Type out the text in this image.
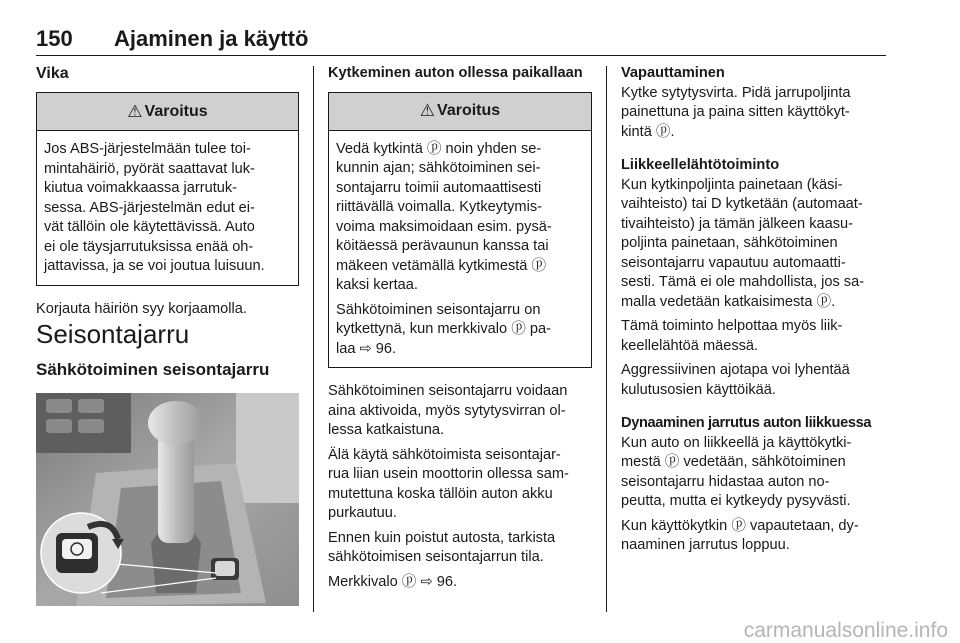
150 Ajaminen ja käyttö

Vika

⚠ Varoitus
Jos ABS-järjestelmään tulee toi-
mintahäiriö, pyörät saattavat luk-
kiutua voimakkaassa jarrutuk-
sessa. ABS-järjestelmän edut ei-
vät tällöin ole käytettävissä. Auto
ei ole täysjarrutuksissa enää oh-
jattavissa, ja se voi joutua luisuun.

Korjauta häiriön syy korjaamolla.

Seisontajarru

Sähkötoiminen seisontajarru

Kytkeminen auton ollessa paikallaan

⚠ Varoitus

Vedä kytkintä ⓟ noin yhden se-
kunnin ajan; sähkötoiminen sei-
sontajarru toimii automaattisesti
riittävällä voimalla. Kytkeytymis-
voima maksimoidaan esim. pysä-
köitäessä perävaunun kanssa tai
mäkeen vetämällä kytkimestä ⓟ
kaksi kertaa.

Sähkötoiminen seisontajarru on
kytkettynä, kun merkkivalo ⓟ pa-
laa ⇨ 96.

Sähkötoiminen seisontajarru voidaan
aina aktivoida, myös sytytysvirran ol-
lessa katkaistuna.

Älä käytä sähkötoimista seisontajar-
rua liian usein moottorin ollessa sam-
mutettuna koska tällöin auton akku
purkautuu.

Ennen kuin poistut autosta, tarkista
sähkötoimisen seisontajarrun tila.

Merkkivalo ⓟ ⇨ 96.

Vapauttaminen

Kytke sytytysvirta. Pidä jarrupoljinta
painettuna ja paina sitten käyttökyt-
kintä ⓟ.

Liikkeellelähtötoiminto

Kun kytkinpoljinta painetaan (käsi-
vaihteisto) tai D kytketään (automaat-
tivaihteisto) ja tämän jälkeen kaasu-
poljinta painetaan, sähkötoiminen
seisontajarru vapautuu automaatti-
sesti. Tämä ei ole mahdollista, jos sa-
malla vedetään katkaisimesta ⓟ.

Tämä toiminto helpottaa myös liik-
keellelähtöä mäessä.

Aggressiivinen ajotapa voi lyhentää
kulutusosien käyttöikää.

Dynaaminen jarrutus auton liikkuessa

Kun auto on liikkeellä ja käyttökytki-
mestä ⓟ vedetään, sähkötoiminen
seisontajarru hidastaa auton no-
peutta, mutta ei kytkeydy pysyvästi.

Kun käyttökytkin ⓟ vapautetaan, dy-
naaminen jarrutus loppuu.

carmanualsonline.info
